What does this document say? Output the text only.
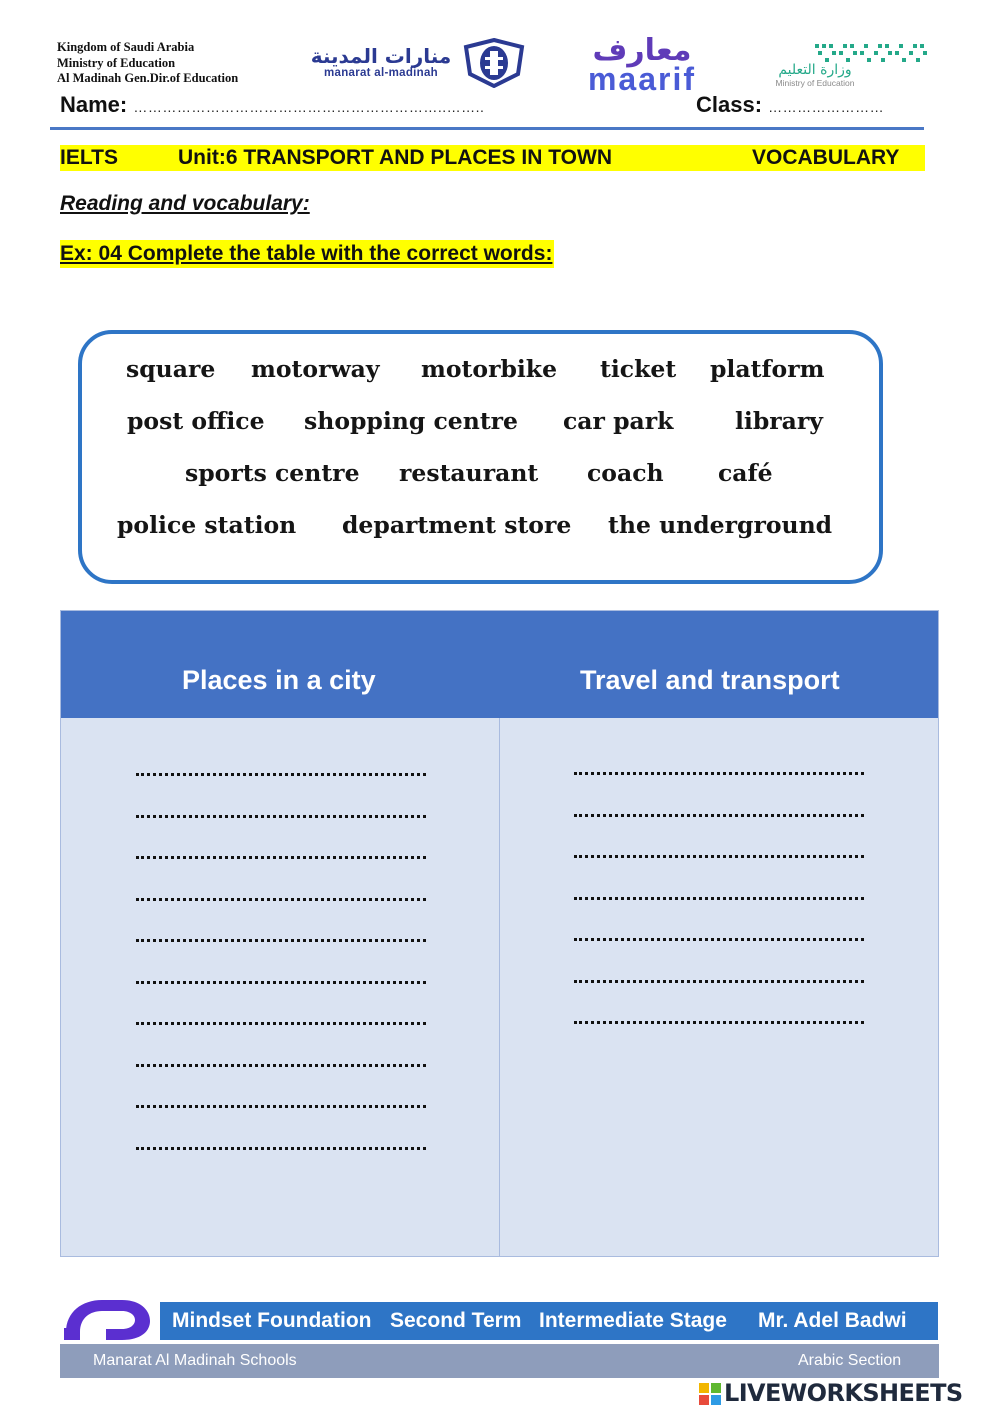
Kingdom of Saudi Arabia
Ministry of Education
Al Madinah Gen.Dir.of Education
منارات المدينة
manarat al-madinah
معارف
maarif	وزارة التعليم
Ministry of Education
Name: ………………………………………………………..……..	Class: ……………………
IELTS	Unit:6 TRANSPORT AND PLACES IN TOWN	VOCABULARY
Reading and vocabulary:
Ex: 04 Complete the table with the correct words:
square motorway motorbike ticket platform
post office shopping centre car park	library
sports centre restaurant coach café
police station department store the underground
Places in a city	Travel and transport
Mindset Foundation Second Term Intermediate Stage Mr. Adel Badwi
Manarat Al Madinah Schools	Arabic Section
LIVEWORKSHEETS
